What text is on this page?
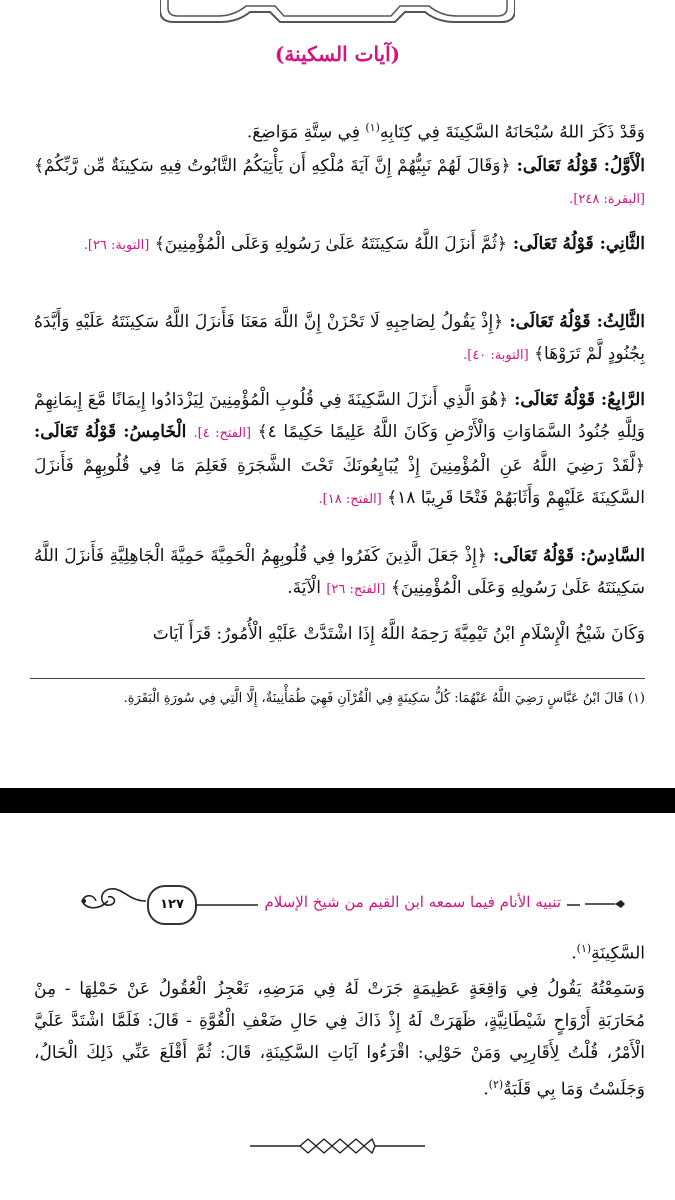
(آيات السكينة)
وَقَدْ ذَكَرَ اللهُ سُبْحَانَهُ السَّكِينَةَ فِي كِتَابِهِ$^{(١)}$ فِي سِتَّةِ مَوَاضِعَ.
الْأَوَّلُ: قَوْلُهُ تَعَالَى: ﴿وَقَالَ لَهُمْ نَبِيُّهُمْ إِنَّ آيَةَ مُلْكِهِ أَن يَأْتِيَكُمُ التَّابُوتُ فِيهِ سَكِينَةٌ مِّن رَّبِّكُمْ﴾ [البقرة: ٢٤٨].
الثَّانِي: قَوْلُهُ تَعَالَى: ﴿ثُمَّ أَنزَلَ اللَّهُ سَكِينَتَهُ عَلَىٰ رَسُولِهِ وَعَلَى الْمُؤْمِنِينَ﴾ [التوبة: ٢٦].
الثَّالِثُ: قَوْلُهُ تَعَالَى: ﴿إِذْ يَقُولُ لِصَاحِبِهِ لَا تَحْزَنْ إِنَّ اللَّهَ مَعَنَا فَأَنزَلَ اللَّهُ سَكِينَتَهُ عَلَيْهِ وَأَيَّدَهُ بِجُنُودٍ لَّمْ تَرَوْهَا﴾ [التوبة: ٤٠].
الرَّابِعُ: قَوْلُهُ تَعَالَى: ﴿هُوَ الَّذِي أَنزَلَ السَّكِينَةَ فِي قُلُوبِ الْمُؤْمِنِينَ لِيَزْدَادُوا إِيمَانًا مَّعَ إِيمَانِهِمْ وَلِلَّهِ جُنُودُ السَّمَاوَاتِ وَالْأَرْضِ وَكَانَ اللَّهُ عَلِيمًا حَكِيمًا ٤﴾ [الفتح: ٤]. الْخَامِسُ: قَوْلُهُ تَعَالَى: ﴿لَّقَدْ رَضِيَ اللَّهُ عَنِ الْمُؤْمِنِينَ إِذْ يُبَايِعُونَكَ تَحْتَ الشَّجَرَةِ فَعَلِمَ مَا فِي قُلُوبِهِمْ فَأَنزَلَ السَّكِينَةَ عَلَيْهِمْ وَأَثَابَهُمْ فَتْحًا قَرِيبًا ١٨﴾ [الفتح: ١٨].
السَّادِسُ: قَوْلُهُ تَعَالَى: ﴿إِذْ جَعَلَ الَّذِينَ كَفَرُوا فِي قُلُوبِهِمُ الْحَمِيَّةَ حَمِيَّةَ الْجَاهِلِيَّةِ فَأَنزَلَ اللَّهُ سَكِينَتَهُ عَلَىٰ رَسُولِهِ وَعَلَى الْمُؤْمِنِينَ﴾ [الفتح: ٢٦] الْآيَةَ.
وَكَانَ شَيْخُ الْإِسْلَامِ ابْنُ تَيْمِيَّةَ رَحِمَهُ اللَّهُ إِذَا اشْتَدَّتْ عَلَيْهِ الْأُمُورُ: قَرَأَ آيَاتَ
(١) قَالَ ابْنُ عَبَّاسٍ رَضِيَ اللَّهُ عَنْهُمَا: كُلُّ سَكِينَةٍ فِي الْقُرْآنِ فَهِيَ طُمَأْنِينَةٌ، إِلَّا الَّتِي فِي سُورَةِ الْبَقَرَةِ.
١٢٧	تنبيه الأنام فيما سمعه ابن القيم من شيخ الإسلام
السَّكِينَةِ$^{(١)}$.
وَسَمِعْتُهُ يَقُولُ فِي وَاقِعَةٍ عَظِيمَةٍ جَرَتْ لَهُ فِي مَرَضِهِ، تَعْجِزُ الْعُقُولُ عَنْ حَمْلِهَا - مِنْ مُحَارَبَةِ أَرْوَاحٍ شَيْطَانِيَّةٍ، ظَهَرَتْ لَهُ إِذْ ذَاكَ فِي حَالِ ضَعْفِ الْقُوَّةِ - قَالَ: فَلَمَّا اشْتَدَّ عَلَيَّ الْأَمْرُ، قُلْتُ لِأَقَارِبِي وَمَنْ حَوْلِي: اقْرَءُوا آيَاتِ السَّكِينَةِ، قَالَ: ثُمَّ أَقْلَعَ عَنِّي ذَلِكَ الْحَالُ، وَجَلَسْتُ وَمَا بِي قَلَبَةٌ$^{(٢)}$.
